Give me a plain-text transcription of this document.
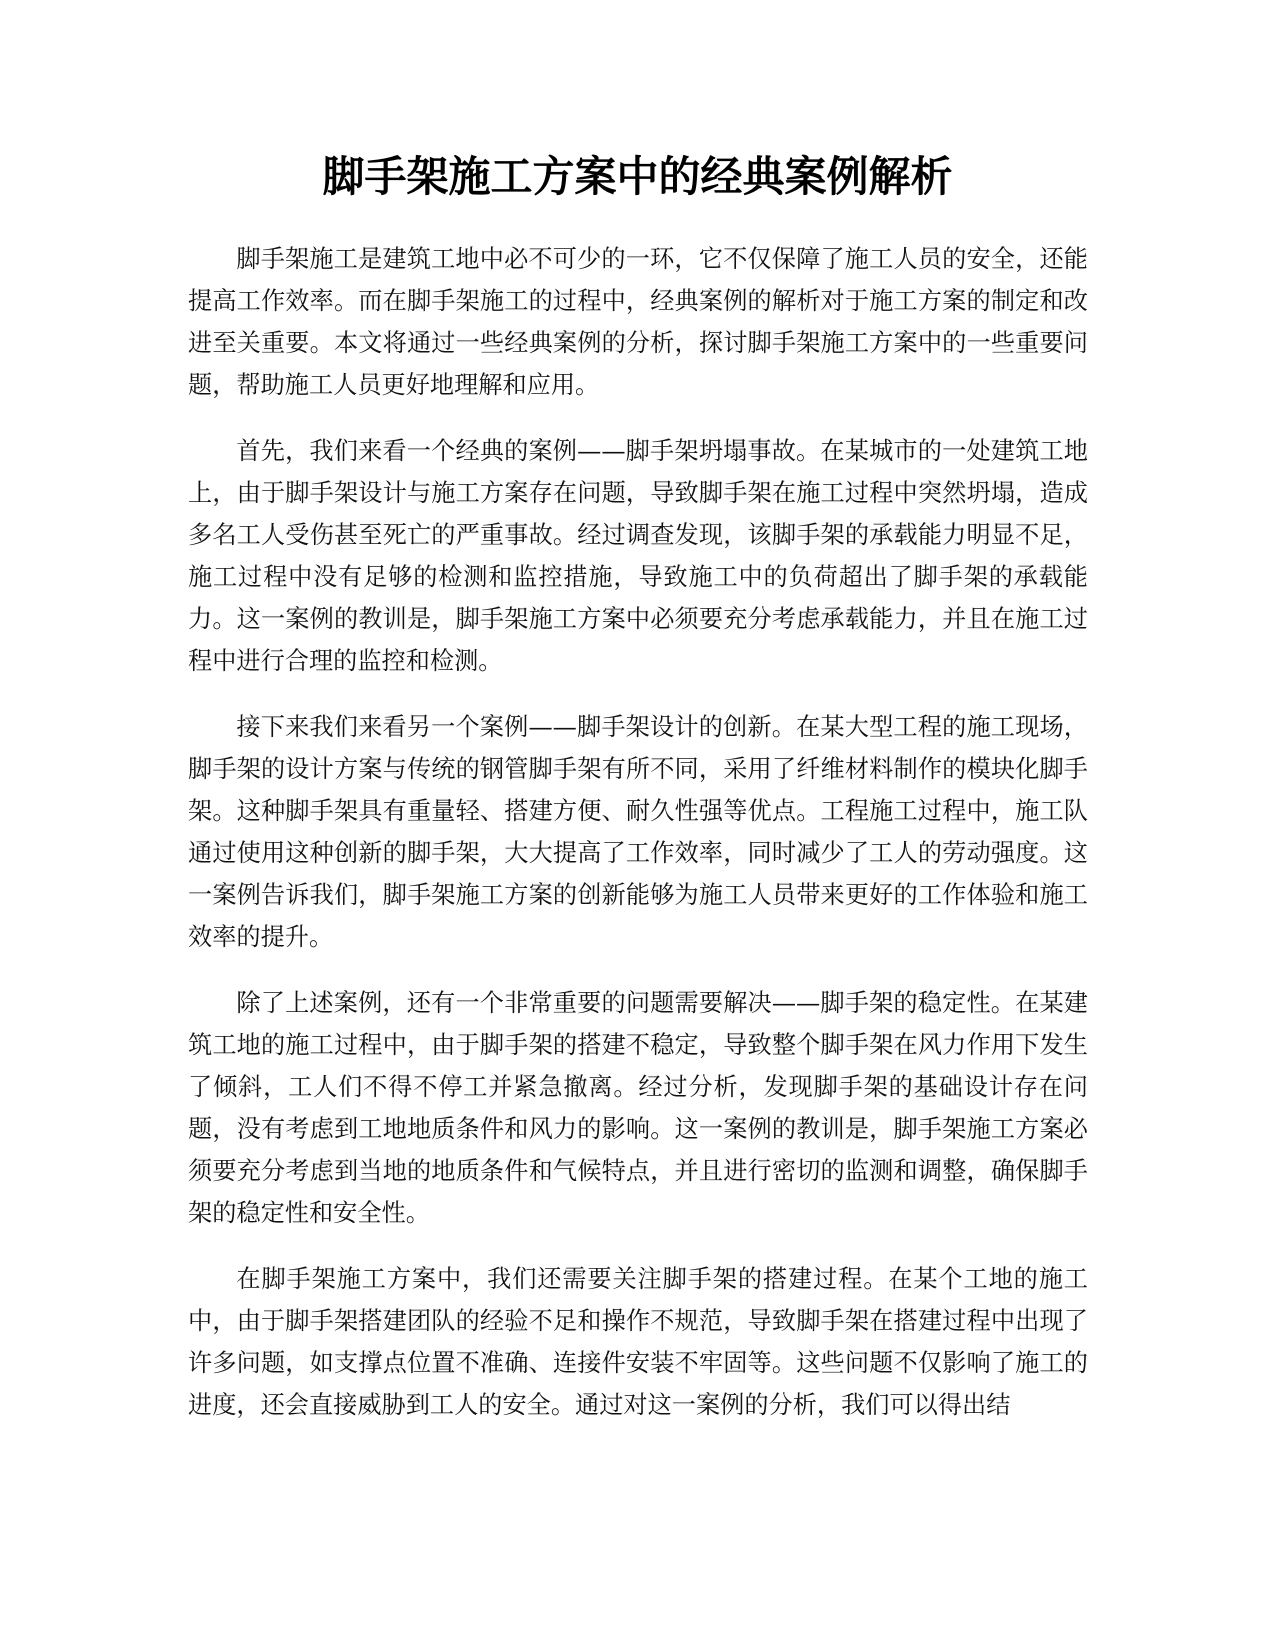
脚手架施工方案中的经典案例解析

脚手架施工是建筑工地中必不可少的一环，它不仅保障了施工人员的安全，还能提高工作效率。而在脚手架施工的过程中，经典案例的解析对于施工方案的制定和改进至关重要。本文将通过一些经典案例的分析，探讨脚手架施工方案中的一些重要问题，帮助施工人员更好地理解和应用。

首先，我们来看一个经典的案例——脚手架坍塌事故。在某城市的一处建筑工地上，由于脚手架设计与施工方案存在问题，导致脚手架在施工过程中突然坍塌，造成多名工人受伤甚至死亡的严重事故。经过调查发现，该脚手架的承载能力明显不足，施工过程中没有足够的检测和监控措施，导致施工中的负荷超出了脚手架的承载能力。这一案例的教训是，脚手架施工方案中必须要充分考虑承载能力，并且在施工过程中进行合理的监控和检测。

接下来我们来看另一个案例——脚手架设计的创新。在某大型工程的施工现场，脚手架的设计方案与传统的钢管脚手架有所不同，采用了纤维材料制作的模块化脚手架。这种脚手架具有重量轻、搭建方便、耐久性强等优点。工程施工过程中，施工队通过使用这种创新的脚手架，大大提高了工作效率，同时减少了工人的劳动强度。这一案例告诉我们，脚手架施工方案的创新能够为施工人员带来更好的工作体验和施工效率的提升。

除了上述案例，还有一个非常重要的问题需要解决——脚手架的稳定性。在某建筑工地的施工过程中，由于脚手架的搭建不稳定，导致整个脚手架在风力作用下发生了倾斜，工人们不得不停工并紧急撤离。经过分析，发现脚手架的基础设计存在问题，没有考虑到工地地质条件和风力的影响。这一案例的教训是，脚手架施工方案必须要充分考虑到当地的地质条件和气候特点，并且进行密切的监测和调整，确保脚手架的稳定性和安全性。

在脚手架施工方案中，我们还需要关注脚手架的搭建过程。在某个工地的施工中，由于脚手架搭建团队的经验不足和操作不规范，导致脚手架在搭建过程中出现了许多问题，如支撑点位置不准确、连接件安装不牢固等。这些问题不仅影响了施工的进度，还会直接威胁到工人的安全。通过对这一案例的分析，我们可以得出结
